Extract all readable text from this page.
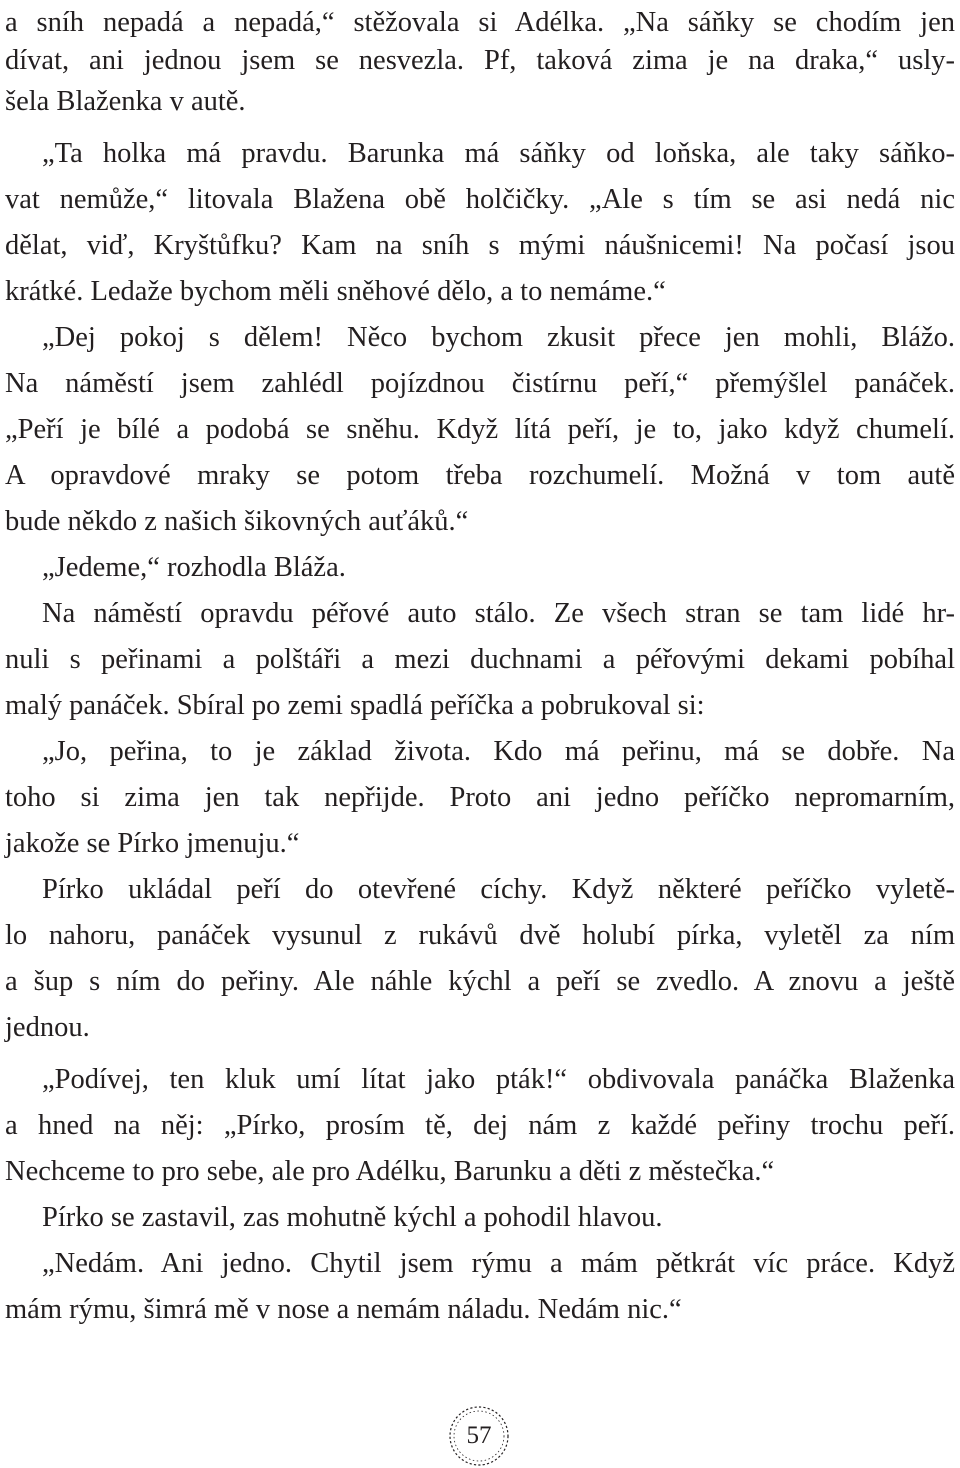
a sníh nepadá a nepadá,“ stěžovala si Adélka. „Na sáňky se chodím jen
dívat, ani jednou jsem se nesvezla. Pf, taková zima je na draka,“ usly-
šela Blaženka v autě.
„Ta holka má pravdu. Barunka má sáňky od loňska, ale taky sáňko-
vat nemůže,“ litovala Blažena obě holčičky. „Ale s tím se asi nedá nic
dělat, viď, Kryštůfku? Kam na sníh s mými náušnicemi! Na počasí jsou
krátké. Ledaže bychom měli sněhové dělo, a to nemáme.“
„Dej pokoj s dělem! Něco bychom zkusit přece jen mohli, Blážo.
Na náměstí jsem zahlédl pojízdnou čistírnu peří,“ přemýšlel panáček.
„Peří je bílé a podobá se sněhu. Když lítá peří, je to, jako když chumelí.
A opravdové mraky se potom třeba rozchumelí. Možná v tom autě
bude někdo z našich šikovných auťáků.“
„Jedeme,“ rozhodla Bláža.
Na náměstí opravdu péřové auto stálo. Ze všech stran se tam lidé hr-
nuli s peřinami a polštáři a mezi duchnami a péřovými dekami pobíhal
malý panáček. Sbíral po zemi spadlá peříčka a pobrukoval si:
„Jo, peřina, to je základ života. Kdo má peřinu, má se dobře. Na
toho si zima jen tak nepřijde. Proto ani jedno peříčko nepromarním,
jakože se Pírko jmenuju.“
Pírko ukládal peří do otevřené cíchy. Když některé peříčko vyletě-
lo nahoru, panáček vysunul z rukávů dvě holubí pírka, vyletěl za ním
a šup s ním do peřiny. Ale náhle kýchl a peří se zvedlo. A znovu a ještě
jednou.
„Podívej, ten kluk umí lítat jako pták!“ obdivovala panáčka Blaženka
a hned na něj: „Pírko, prosím tě, dej nám z každé peřiny trochu peří.
Nechceme to pro sebe, ale pro Adélku, Barunku a děti z městečka.“
Pírko se zastavil, zas mohutně kýchl a pohodil hlavou.
„Nedám. Ani jedno. Chytil jsem rýmu a mám pětkrát víc práce. Když
mám rýmu, šimrá mě v nose a nemám náladu. Nedám nic.“
57
